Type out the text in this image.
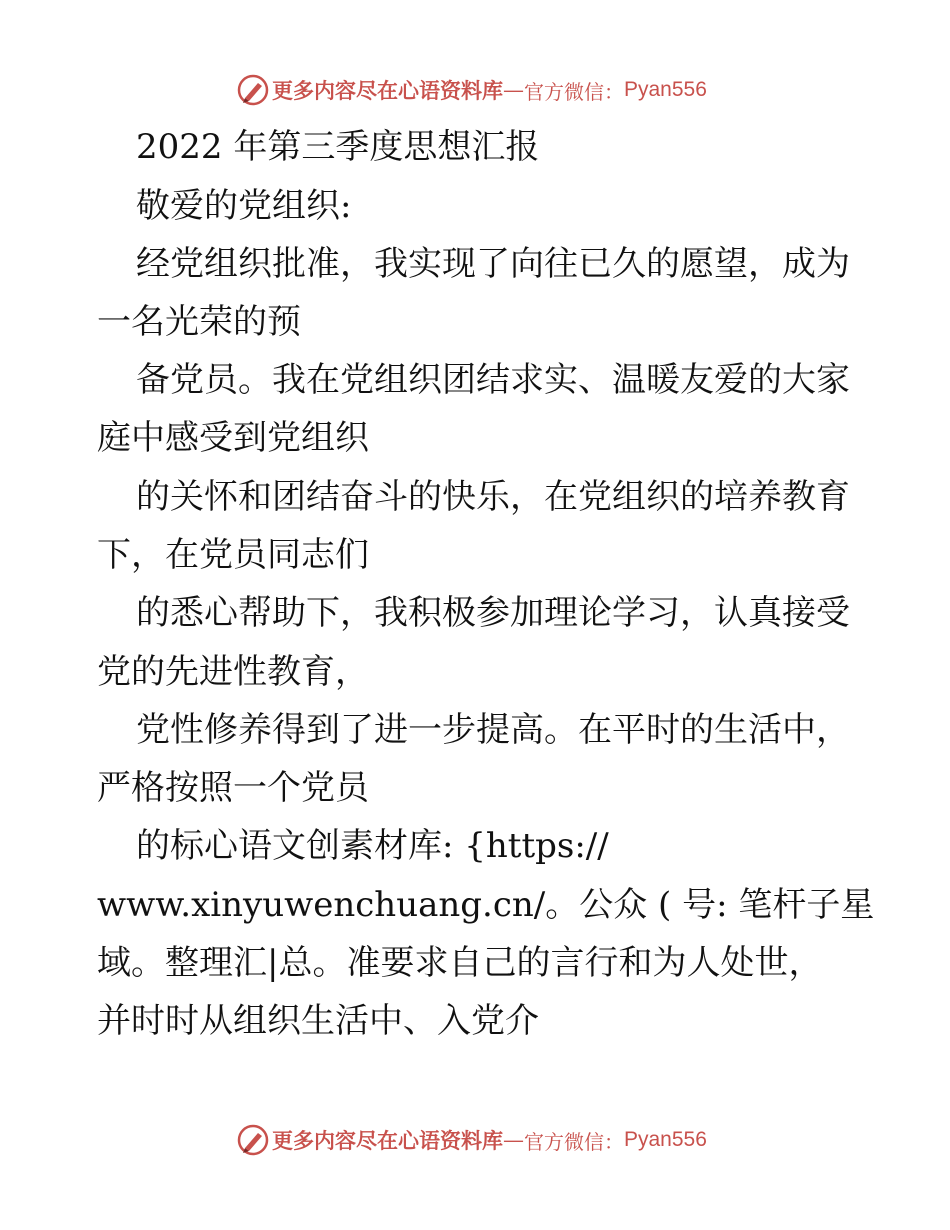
更多内容尽在心语资料库 — 官方微信： Pyan556
2022 年第三季度思想汇报
敬爱的党组织:
经党组织批准，我实现了向往已久的愿望，成为
一名光荣的预
备党员。我在党组织团结求实、温暖友爱的大家
庭中感受到党组织
的关怀和团结奋斗的快乐，在党组织的培养教育
下，在党员同志们
的悉心帮助下，我积极参加理论学习，认真接受
党的先进性教育，
党性修养得到了进一步提高。在平时的生活中，
严格按照一个党员
的标心语文创素材库: {https://
www.xinyuwenchuang.cn/。公众 ( 号: 笔杆子星
域。整理汇|总。准要求自己的言行和为人处世，
并时时从组织生活中、入党介
更多内容尽在心语资料库 — 官方微信： Pyan556
